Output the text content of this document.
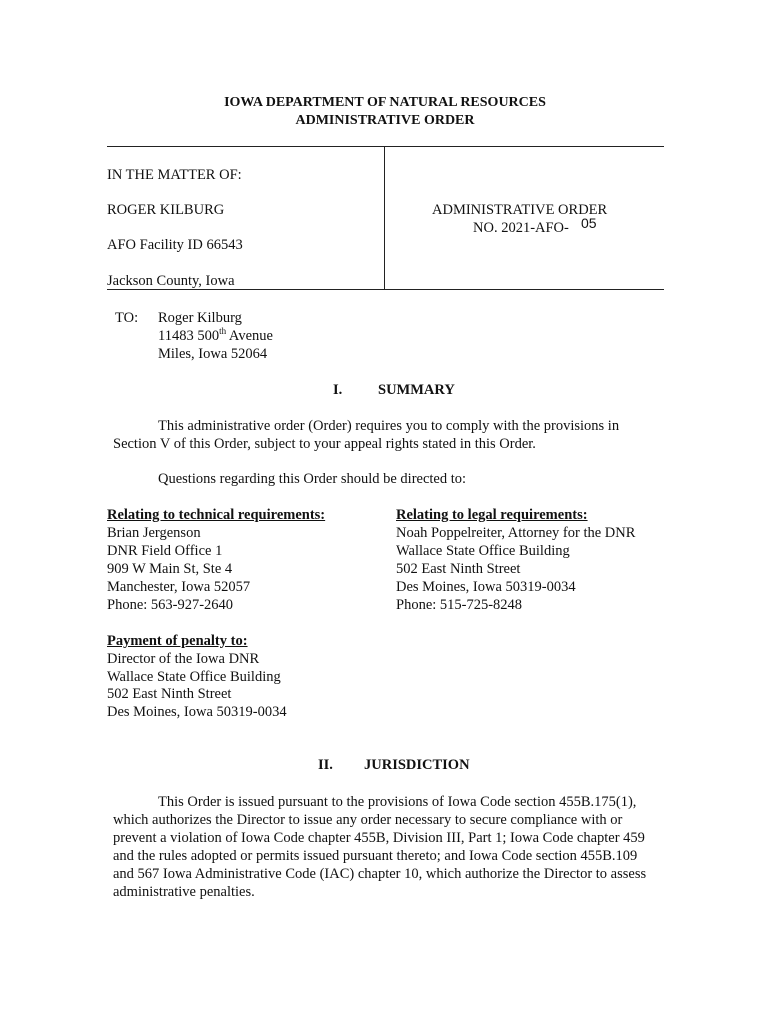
IOWA DEPARTMENT OF NATURAL RESOURCES
ADMINISTRATIVE ORDER
IN THE MATTER OF:
ROGER KILBURG
AFO Facility ID 66543
Jackson County, Iowa
ADMINISTRATIVE ORDER
NO. 2021-AFO- 05
TO: Roger Kilburg
11483 500th Avenue
Miles, Iowa 52064
I. SUMMARY
This administrative order (Order) requires you to comply with the provisions in
Section V of this Order, subject to your appeal rights stated in this Order.
Questions regarding this Order should be directed to:
Relating to technical requirements:
Brian Jergenson
DNR Field Office 1
909 W Main St, Ste 4
Manchester, Iowa 52057
Phone: 563-927-2640
Relating to legal requirements:
Noah Poppelreiter, Attorney for the DNR
Wallace State Office Building
502 East Ninth Street
Des Moines, Iowa 50319-0034
Phone: 515-725-8248
Payment of penalty to:
Director of the Iowa DNR
Wallace State Office Building
502 East Ninth Street
Des Moines, Iowa 50319-0034
II. JURISDICTION
This Order is issued pursuant to the provisions of Iowa Code section 455B.175(1),
which authorizes the Director to issue any order necessary to secure compliance with or
prevent a violation of Iowa Code chapter 455B, Division III, Part 1; Iowa Code chapter 459
and the rules adopted or permits issued pursuant thereto; and Iowa Code section 455B.109
and 567 Iowa Administrative Code (IAC) chapter 10, which authorize the Director to assess
administrative penalties.
